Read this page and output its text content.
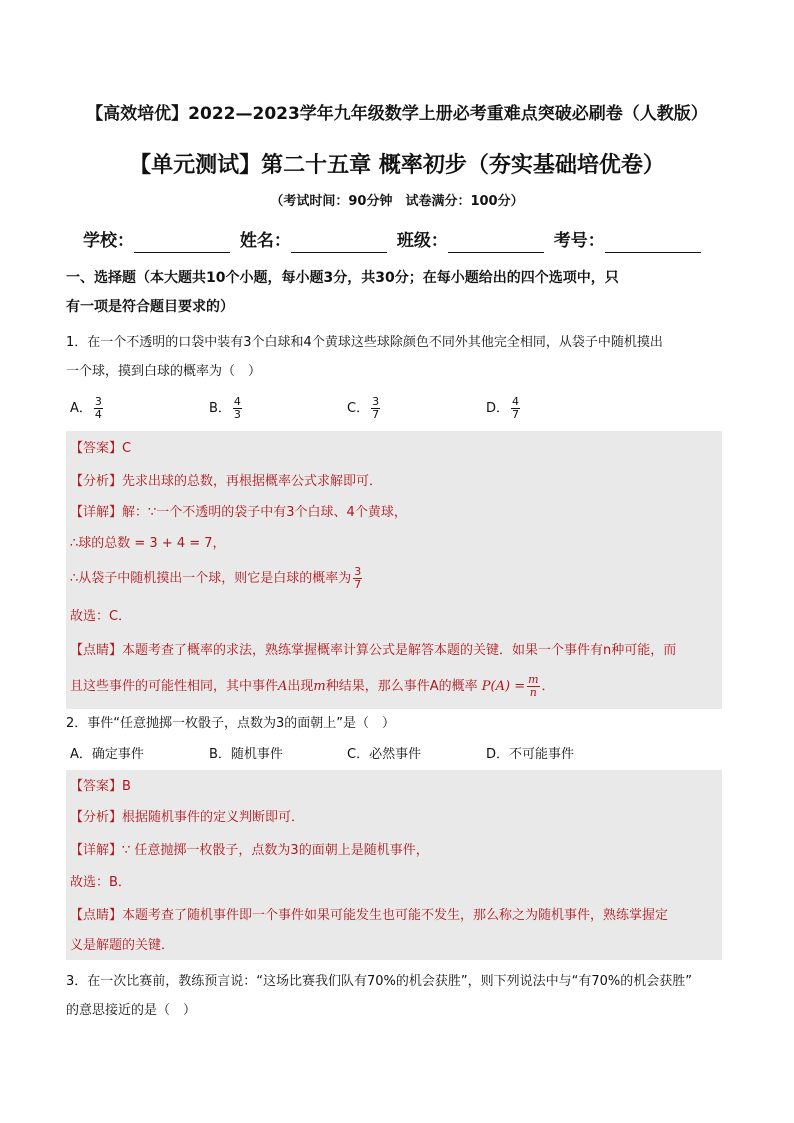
【高效培优】2022—2023学年九年级数学上册必考重难点突破必刷卷（人教版）
【单元测试】第二十五章 概率初步（夯实基础培优卷）
（考试时间：90分钟　试卷满分：100分）
学校：	姓名：	班级：	考号：
一、选择题（本大题共10个小题，每小题3分，共30分；在每小题给出的四个选项中，只
有一项是符合题目要求的）
1．在一个不透明的口袋中装有3个白球和4个黄球这些球除颜色不同外其他完全相同，从袋子中随机摸出
一个球，摸到白球的概率为（　）
A． $\frac{3}{4}$	B． $\frac{4}{3}$	C． $\frac{3}{7}$	D． $\frac{4}{7}$
【答案】C
【分析】先求出球的总数，再根据概率公式求解即可．
【详解】解：∵一个不透明的袋子中有3个白球、4个黄球，
∴球的总数 = 3 + 4 = 7，
∴从袋子中随机摸出一个球，则它是白球的概率为 $\frac{3}{7}$
故选：C．
【点睛】本题考查了概率的求法，熟练掌握概率计算公式是解答本题的关键．如果一个事件有n种可能，而
且这些事件的可能性相同，其中事件A出现m种结果，那么事件A的概率 $P(A) = \frac{m}{n}$ ．
2．事件“任意抛掷一枚骰子，点数为3的面朝上”是（　）
A．确定事件	B．随机事件	C．必然事件	D．不可能事件
【答案】B
【分析】根据随机事件的定义判断即可．
【详解】∵ 任意抛掷一枚骰子，点数为3的面朝上是随机事件，
故选：B．
【点睛】本题考查了随机事件即一个事件如果可能发生也可能不发生，那么称之为随机事件，熟练掌握定
义是解题的关键．
3．在一次比赛前，教练预言说：“这场比赛我们队有70%的机会获胜”，则下列说法中与“有70%的机会获胜”
的意思接近的是（　）
